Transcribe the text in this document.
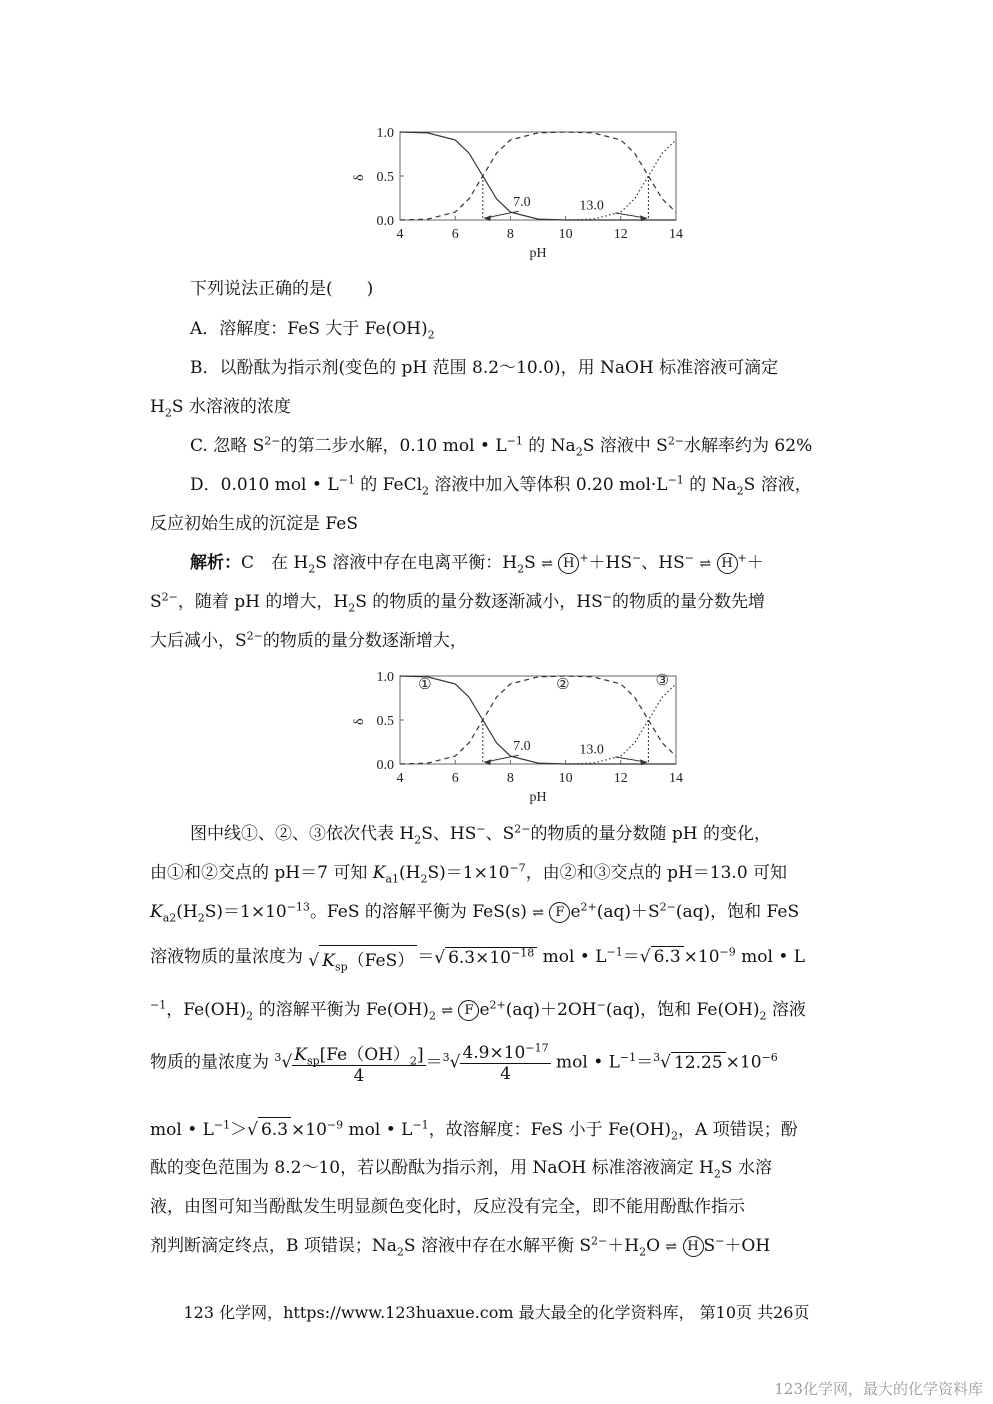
4	6	8	10	12	14
0.0
0.5
1.0
pH
δ
7.0	13.0
下列说法正确的是(　　)
A．溶解度：FeS 大于 $Fe(OH)_2$
B．以酚酞为指示剂(变色的 pH 范围 8.2～10.0)，用 NaOH 标准溶液可滴定
$H_2S$ 水溶液的浓度
C. 忽略 $S^{2-}$的第二步水解，0.10 mol • $L^{-1}$ 的 $Na_2S$ 溶液中 $S^{2-}$水解率约为 62%
D．0.010 mol • $L^{-1}$ 的 FeCl$_2$ 溶液中加入等体积 0.20 $mol\cdot L^{-1}$ 的 $Na_2S$ 溶液，
反应初始生成的沉淀是 FeS
解析：C　在 $H_2S$ 溶液中存在电离平衡：$H_2S$ ⇌ H +＋HS−、HS− ⇌ H +＋
$S^{2-}$，随着 pH 的增大，$H_2S$ 的物质的量分数逐渐减小，HS−的物质的量分数先增
大后减小，$S^{2-}$的物质的量分数逐渐增大，
4	6	8	10	12	14
0.0
0.5
1.0
pH
δ
7.0	13.0
①	②	③
图中线①、②、③依次代表 $H_2S$、HS−、$S^{2-}$的物质的量分数随 pH 的变化，
由①和②交点的 pH＝7 可知 $K_{a1}(H_2S)=1\times 10^{-7}$，由②和③交点的 pH＝13.0 可知
$K_{a2}(H_2S)=1\times 10^{-13}$。FeS 的溶解平衡为 FeS(s) ⇌ F $e^{2+}(aq)+S^{2-}(aq)$，饱和 FeS
溶液物质的量浓度为 √ $K_{sp}(FeS)$ ＝√ $6.3\times 10^{-18}$ mol • $L^{-1}=√$ $6.3 \times 10^{-9}$ mol • L
$^{-1}$，$Fe(OH)_2$ 的溶解平衡为 $Fe(OH)_2$ ⇌ F $e^{2+}(aq)+2OH^-(aq)$，饱和 $Fe(OH)_2$ 溶液
物质的量浓度为 $^3√ \frac{K_{sp}[Fe(OH)_2]}{4} =^3√ \frac{4.9\times 10^{-17}}{4}$ mol • $L^{-1}=^3√$ $12.25 \times 10^{-6}$
mol • $L^{-1}>√$ $6.3 \times 10^{-9}$ mol • $L^{-1}$，故溶解度：FeS 小于 $Fe(OH)_2$，A 项错误；酚
酞的变色范围为 8.2～10，若以酚酞为指示剂，用 NaOH 标准溶液滴定 $H_2S$ 水溶
液，由图可知当酚酞发生明显颜色变化时，反应没有完全，即不能用酚酞作指示
剂判断滴定终点，B 项错误；$Na_2S$ 溶液中存在水解平衡 $S^{2-}+H_2O$ ⇌ H S−＋OH
123 化学网，https://www.123huaxue.com 最大最全的化学资料库， 第10页 共26页
123化学网，最大的化学资料库
